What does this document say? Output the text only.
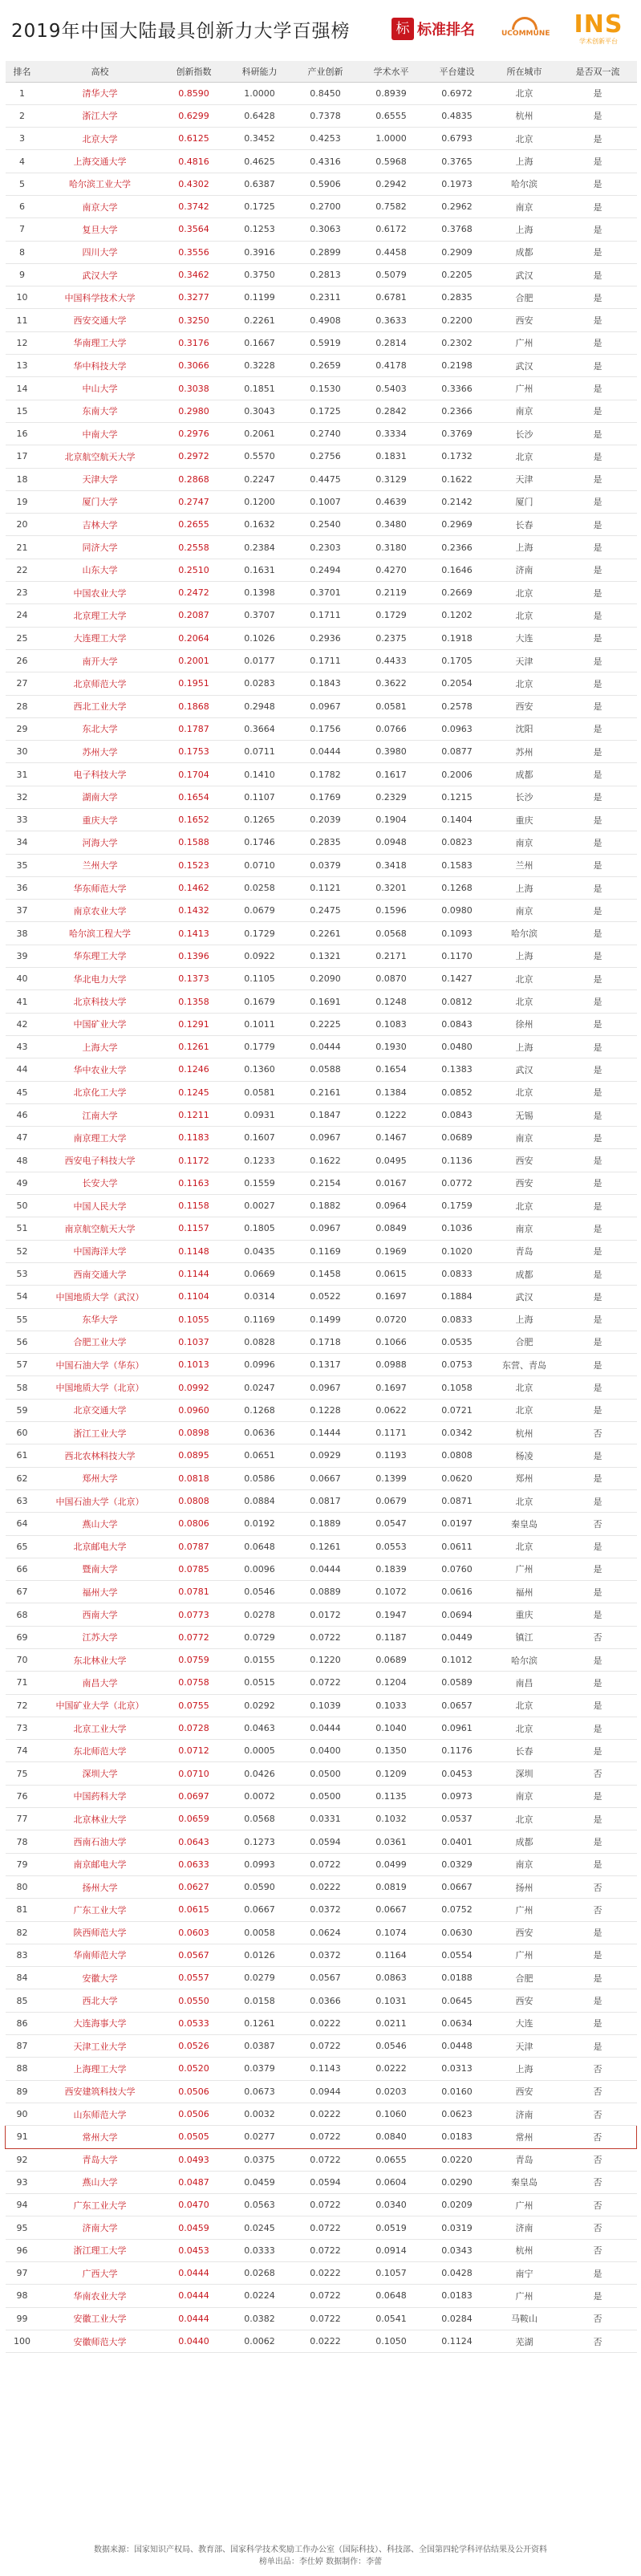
2019年中国大陆最具创新力大学百强榜	标 标准排名	UCOMMUNE	INS
学术创新平台
排名	高校	创新指数	科研能力	产业创新	学术水平	平台建设	所在城市	是否双一流
1	清华大学	0.8590	1.0000	0.8450	0.8939	0.6972	北京	是
2	浙江大学	0.6299	0.6428	0.7378	0.6555	0.4835	杭州	是
3	北京大学	0.6125	0.3452	0.4253	1.0000	0.6793	北京	是
4	上海交通大学	0.4816	0.4625	0.4316	0.5968	0.3765	上海	是
5	哈尔滨工业大学	0.4302	0.6387	0.5906	0.2942	0.1973	哈尔滨	是
6	南京大学	0.3742	0.1725	0.2700	0.7582	0.2962	南京	是
7	复旦大学	0.3564	0.1253	0.3063	0.6172	0.3768	上海	是
8	四川大学	0.3556	0.3916	0.2899	0.4458	0.2909	成都	是
9	武汉大学	0.3462	0.3750	0.2813	0.5079	0.2205	武汉	是
10	中国科学技术大学	0.3277	0.1199	0.2311	0.6781	0.2835	合肥	是
11	西安交通大学	0.3250	0.2261	0.4908	0.3633	0.2200	西安	是
12	华南理工大学	0.3176	0.1667	0.5919	0.2814	0.2302	广州	是
13	华中科技大学	0.3066	0.3228	0.2659	0.4178	0.2198	武汉	是
14	中山大学	0.3038	0.1851	0.1530	0.5403	0.3366	广州	是
15	东南大学	0.2980	0.3043	0.1725	0.2842	0.2366	南京	是
16	中南大学	0.2976	0.2061	0.2740	0.3334	0.3769	长沙	是
17	北京航空航天大学	0.2972	0.5570	0.2756	0.1831	0.1732	北京	是
18	天津大学	0.2868	0.2247	0.4475	0.3129	0.1622	天津	是
19	厦门大学	0.2747	0.1200	0.1007	0.4639	0.2142	厦门	是
20	吉林大学	0.2655	0.1632	0.2540	0.3480	0.2969	长春	是
21	同济大学	0.2558	0.2384	0.2303	0.3180	0.2366	上海	是
22	山东大学	0.2510	0.1631	0.2494	0.4270	0.1646	济南	是
23	中国农业大学	0.2472	0.1398	0.3701	0.2119	0.2669	北京	是
24	北京理工大学	0.2087	0.3707	0.1711	0.1729	0.1202	北京	是
25	大连理工大学	0.2064	0.1026	0.2936	0.2375	0.1918	大连	是
26	南开大学	0.2001	0.0177	0.1711	0.4433	0.1705	天津	是
27	北京师范大学	0.1951	0.0283	0.1843	0.3622	0.2054	北京	是
28	西北工业大学	0.1868	0.2948	0.0967	0.0581	0.2578	西安	是
29	东北大学	0.1787	0.3664	0.1756	0.0766	0.0963	沈阳	是
30	苏州大学	0.1753	0.0711	0.0444	0.3980	0.0877	苏州	是
31	电子科技大学	0.1704	0.1410	0.1782	0.1617	0.2006	成都	是
32	湖南大学	0.1654	0.1107	0.1769	0.2329	0.1215	长沙	是
33	重庆大学	0.1652	0.1265	0.2039	0.1904	0.1404	重庆	是
34	河海大学	0.1588	0.1746	0.2835	0.0948	0.0823	南京	是
35	兰州大学	0.1523	0.0710	0.0379	0.3418	0.1583	兰州	是
36	华东师范大学	0.1462	0.0258	0.1121	0.3201	0.1268	上海	是
37	南京农业大学	0.1432	0.0679	0.2475	0.1596	0.0980	南京	是
38	哈尔滨工程大学	0.1413	0.1729	0.2261	0.0568	0.1093	哈尔滨	是
39	华东理工大学	0.1396	0.0922	0.1321	0.2171	0.1170	上海	是
40	华北电力大学	0.1373	0.1105	0.2090	0.0870	0.1427	北京	是
41	北京科技大学	0.1358	0.1679	0.1691	0.1248	0.0812	北京	是
42	中国矿业大学	0.1291	0.1011	0.2225	0.1083	0.0843	徐州	是
43	上海大学	0.1261	0.1779	0.0444	0.1930	0.0480	上海	是
44	华中农业大学	0.1246	0.1360	0.0588	0.1654	0.1383	武汉	是
45	北京化工大学	0.1245	0.0581	0.2161	0.1384	0.0852	北京	是
46	江南大学	0.1211	0.0931	0.1847	0.1222	0.0843	无锡	是
47	南京理工大学	0.1183	0.1607	0.0967	0.1467	0.0689	南京	是
48	西安电子科技大学	0.1172	0.1233	0.1622	0.0495	0.1136	西安	是
49	长安大学	0.1163	0.1559	0.2154	0.0167	0.0772	西安	是
50	中国人民大学	0.1158	0.0027	0.1882	0.0964	0.1759	北京	是
51	南京航空航天大学	0.1157	0.1805	0.0967	0.0849	0.1036	南京	是
52	中国海洋大学	0.1148	0.0435	0.1169	0.1969	0.1020	青岛	是
53	西南交通大学	0.1144	0.0669	0.1458	0.0615	0.0833	成都	是
54	中国地质大学（武汉）	0.1104	0.0314	0.0522	0.1697	0.1884	武汉	是
55	东华大学	0.1055	0.1169	0.1499	0.0720	0.0833	上海	是
56	合肥工业大学	0.1037	0.0828	0.1718	0.1066	0.0535	合肥	是
57	中国石油大学（华东）	0.1013	0.0996	0.1317	0.0988	0.0753	东营、青岛	是
58	中国地质大学（北京）	0.0992	0.0247	0.0967	0.1697	0.1058	北京	是
59	北京交通大学	0.0960	0.1268	0.1228	0.0622	0.0721	北京	是
60	浙江工业大学	0.0898	0.0636	0.1444	0.1171	0.0342	杭州	否
61	西北农林科技大学	0.0895	0.0651	0.0929	0.1193	0.0808	杨凌	是
62	郑州大学	0.0818	0.0586	0.0667	0.1399	0.0620	郑州	是
63	中国石油大学（北京）	0.0808	0.0884	0.0817	0.0679	0.0871	北京	是
64	燕山大学	0.0806	0.0192	0.1889	0.0547	0.0197	秦皇岛	否
65	北京邮电大学	0.0787	0.0648	0.1261	0.0553	0.0611	北京	是
66	暨南大学	0.0785	0.0096	0.0444	0.1839	0.0760	广州	是
67	福州大学	0.0781	0.0546	0.0889	0.1072	0.0616	福州	是
68	西南大学	0.0773	0.0278	0.0172	0.1947	0.0694	重庆	是
69	江苏大学	0.0772	0.0729	0.0722	0.1187	0.0449	镇江	否
70	东北林业大学	0.0759	0.0155	0.1220	0.0689	0.1012	哈尔滨	是
71	南昌大学	0.0758	0.0515	0.0722	0.1204	0.0589	南昌	是
72	中国矿业大学（北京）	0.0755	0.0292	0.1039	0.1033	0.0657	北京	是
73	北京工业大学	0.0728	0.0463	0.0444	0.1040	0.0961	北京	是
74	东北师范大学	0.0712	0.0005	0.0400	0.1350	0.1176	长春	是
75	深圳大学	0.0710	0.0426	0.0500	0.1209	0.0453	深圳	否
76	中国药科大学	0.0697	0.0072	0.0500	0.1135	0.0973	南京	是
77	北京林业大学	0.0659	0.0568	0.0331	0.1032	0.0537	北京	是
78	西南石油大学	0.0643	0.1273	0.0594	0.0361	0.0401	成都	是
79	南京邮电大学	0.0633	0.0993	0.0722	0.0499	0.0329	南京	是
80	扬州大学	0.0627	0.0590	0.0222	0.0819	0.0667	扬州	否
81	广东工业大学	0.0615	0.0667	0.0372	0.0667	0.0752	广州	否
82	陕西师范大学	0.0603	0.0058	0.0624	0.1074	0.0630	西安	是
83	华南师范大学	0.0567	0.0126	0.0372	0.1164	0.0554	广州	是
84	安徽大学	0.0557	0.0279	0.0567	0.0863	0.0188	合肥	是
85	西北大学	0.0550	0.0158	0.0366	0.1031	0.0645	西安	是
86	大连海事大学	0.0533	0.1261	0.0222	0.0211	0.0634	大连	是
87	天津工业大学	0.0526	0.0387	0.0722	0.0546	0.0448	天津	是
88	上海理工大学	0.0520	0.0379	0.1143	0.0222	0.0313	上海	否
89	西安建筑科技大学	0.0506	0.0673	0.0944	0.0203	0.0160	西安	否
90	山东师范大学	0.0506	0.0032	0.0222	0.1060	0.0623	济南	否
91	常州大学	0.0505	0.0277	0.0722	0.0840	0.0183	常州	否
92	青岛大学	0.0493	0.0375	0.0722	0.0655	0.0220	青岛	否
93	燕山大学	0.0487	0.0459	0.0594	0.0604	0.0290	秦皇岛	否
94	广东工业大学	0.0470	0.0563	0.0722	0.0340	0.0209	广州	否
95	济南大学	0.0459	0.0245	0.0722	0.0519	0.0319	济南	否
96	浙江理工大学	0.0453	0.0333	0.0722	0.0914	0.0343	杭州	否
97	广西大学	0.0444	0.0268	0.0222	0.1057	0.0428	南宁	是
98	华南农业大学	0.0444	0.0224	0.0722	0.0648	0.0183	广州	是
99	安徽工业大学	0.0444	0.0382	0.0722	0.0541	0.0284	马鞍山	否
100	安徽师范大学	0.0440	0.0062	0.0222	0.1050	0.1124	芜湖	否
数据来源：国家知识产权局、教育部、国家科学技术奖励工作办公室（国际科技）、科技部、全国第四轮学科评估结果及公开资料
榜单出品：李仕婷 数据制作：李蕾
